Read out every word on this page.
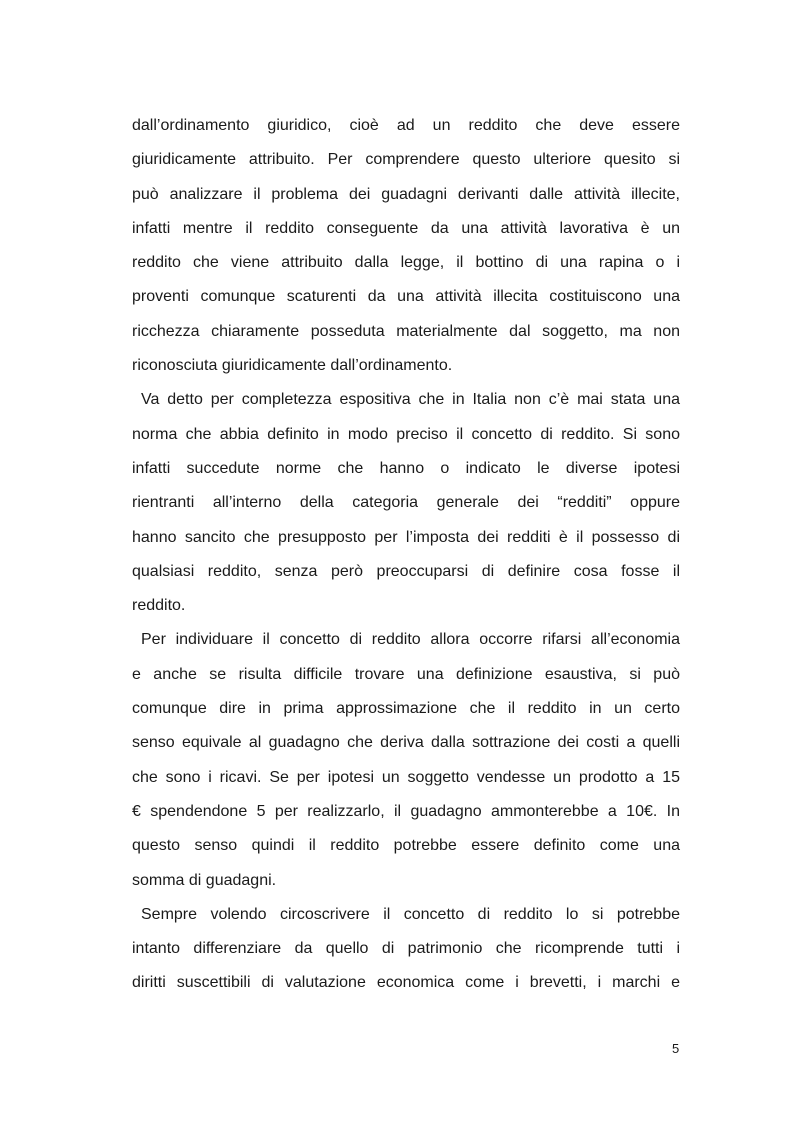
dall’ordinamento giuridico, cioè ad un reddito che deve essere
giuridicamente attribuito. Per comprendere questo ulteriore quesito si
può analizzare il problema dei guadagni derivanti dalle attività illecite,
infatti mentre il reddito conseguente da una attività lavorativa è un
reddito che viene attribuito dalla legge, il bottino di una rapina o i
proventi comunque scaturenti da una attività illecita costituiscono una
ricchezza chiaramente posseduta materialmente dal soggetto, ma non
riconosciuta giuridicamente dall’ordinamento.
Va detto per completezza espositiva che in Italia non c’è mai stata una
norma che abbia definito in modo preciso il concetto di reddito. Si sono
infatti succedute norme che hanno o indicato le diverse ipotesi
rientranti all’interno della categoria generale dei “redditi” oppure
hanno sancito che presupposto per l’imposta dei redditi è il possesso di
qualsiasi reddito, senza però preoccuparsi di definire cosa fosse il
reddito.
Per individuare il concetto di reddito allora occorre rifarsi all’economia
e anche se risulta difficile trovare una definizione esaustiva, si può
comunque dire in prima approssimazione che il reddito in un certo
senso equivale al guadagno che deriva dalla sottrazione dei costi a quelli
che sono i ricavi. Se per ipotesi un soggetto vendesse un prodotto a 15
€ spendendone 5 per realizzarlo, il guadagno ammonterebbe a 10€. In
questo senso quindi il reddito potrebbe essere definito come una
somma di guadagni.
Sempre volendo circoscrivere il concetto di reddito lo si potrebbe
intanto differenziare da quello di patrimonio che ricomprende tutti i
diritti suscettibili di valutazione economica come i brevetti, i marchi e
5
